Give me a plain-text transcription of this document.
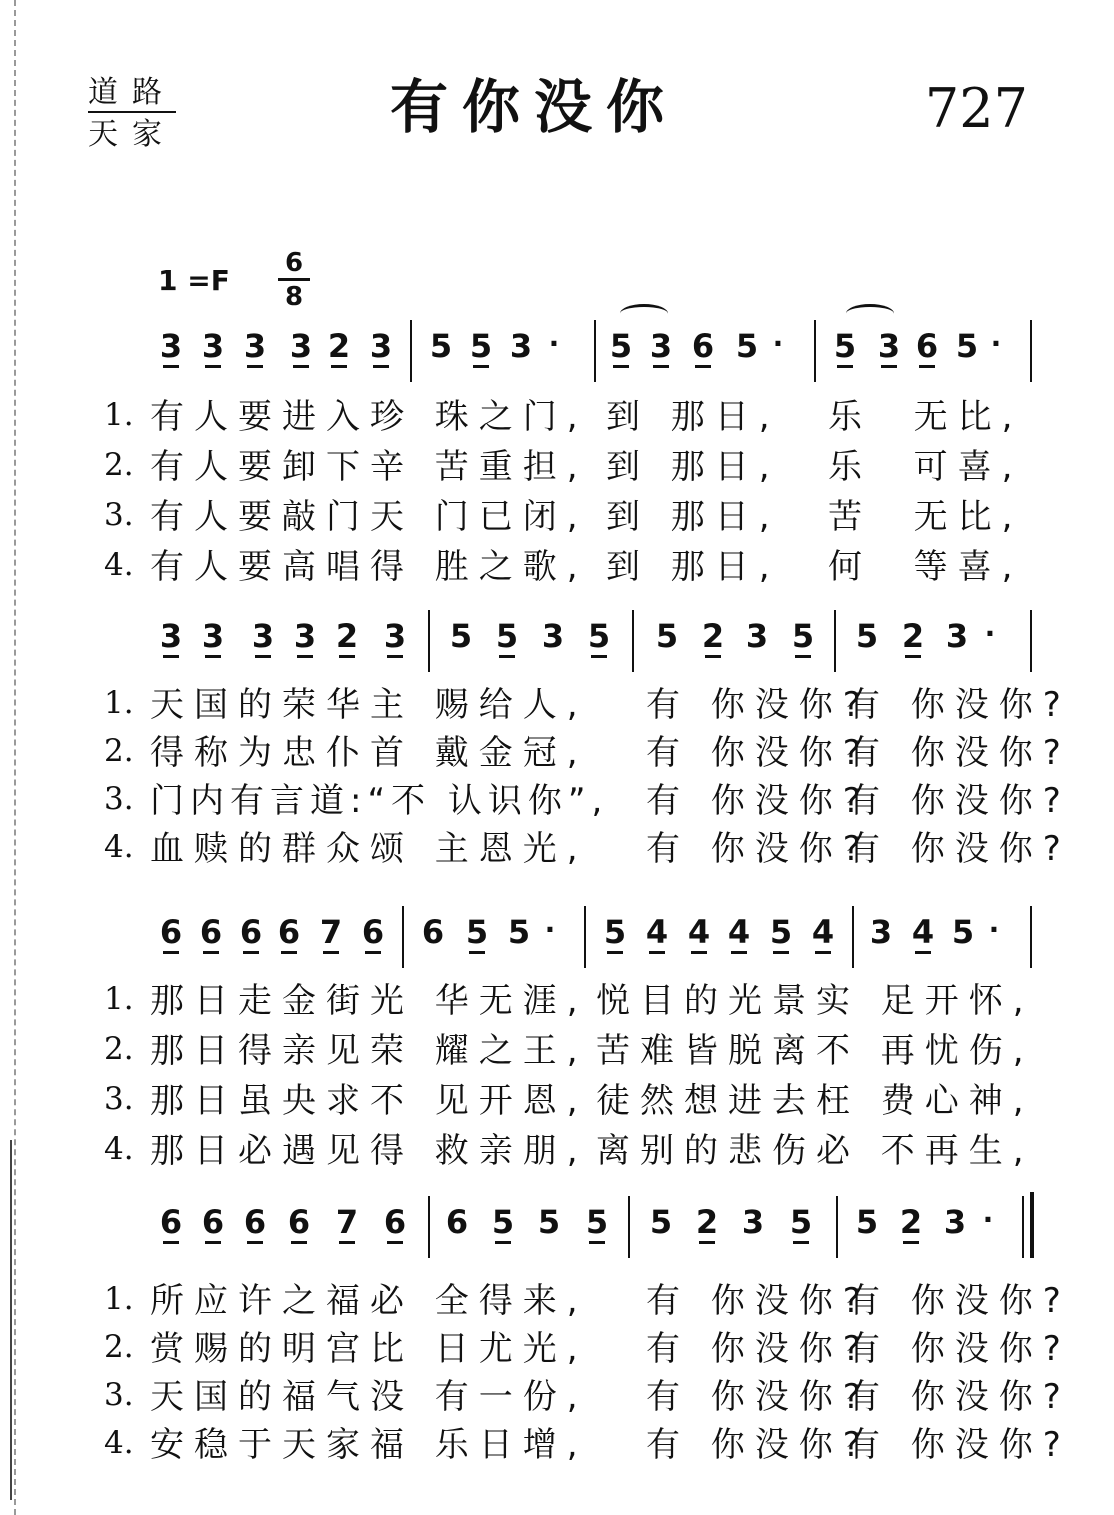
道路
天家	有你没你	727
$1 =F \frac{6}{8}$
3 3 3 3 2 3 5 5 3 · 5 3 6 5 · 5 3 6 5 ·
1. 有人要进入珍 珠之门, 到 那日, 乐  无比,
2. 有人要卸下辛 苦重担, 到 那日, 乐  可喜,
3. 有人要敲门天 门已闭, 到 那日, 苦  无比,
4. 有人要高唱得 胜之歌, 到 那日, 何  等喜,
3 3 3 3 2 3 5 5 3 5 5 2 3 5 5 2 3 ·
1. 天国的荣华主 赐给人, 有 你没你?
有 你没你?
2. 得称为忠仆首 戴金冠, 有 你没你?
有 你没你?
3. 门内有言道:“不 认识你”, 有 你没你?
有 你没你?
4. 血赎的群众颂 主恩光, 有 你没你?
有 你没你?
6 6 6 6 7 6 6 5 5 · 5 4 4 4 5 4 3 4 5 ·
1. 那日走金街光 华无涯, 悦目的光景实 足开怀,
2. 那日得亲见荣 耀之王, 苦难皆脱离不 再忧伤,
3. 那日虽央求不 见开恩, 徒然想进去枉 费心神,
4. 那日必遇见得 救亲朋, 离别的悲伤必 不再生,
6 6 6 6 7 6 6 5 5 5 5 2 3 5 5 2 3 ·
1. 所应许之福必 全得来, 有 你没你?
有 你没你?
2. 赏赐的明宫比 日尤光, 有 你没你?
有 你没你?
3. 天国的福气没 有一份, 有 你没你?
有 你没你?
4. 安稳于天家福 乐日增, 有 你没你?
有 你没你?
